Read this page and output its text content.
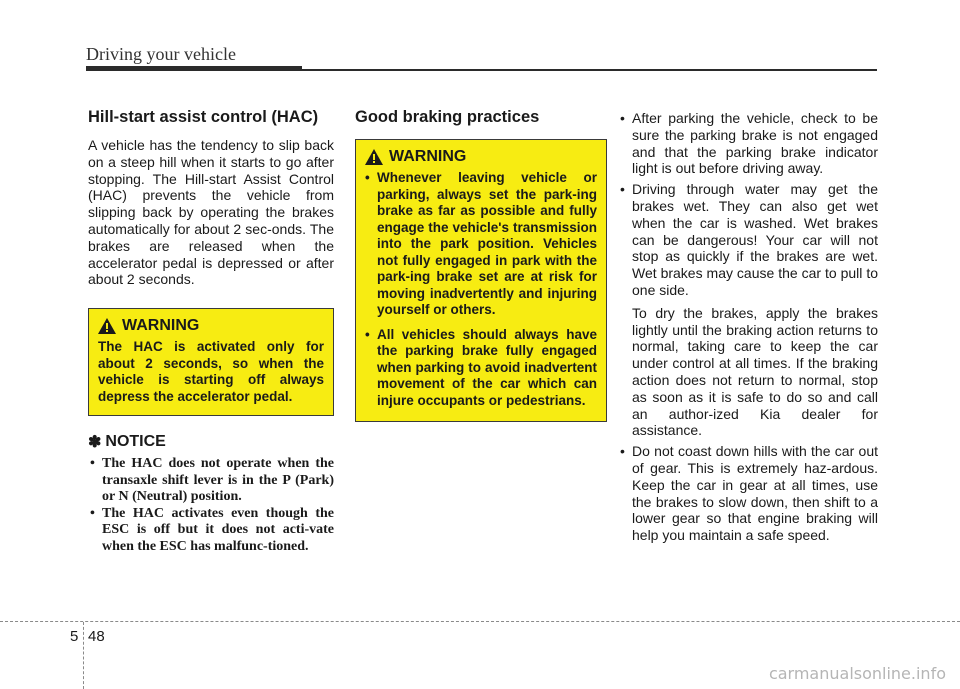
Driving your vehicle
Hill-start assist control (HAC)

A vehicle has the tendency to slip back on a steep hill when it starts to go after stopping. The Hill-start Assist Control (HAC) prevents the vehicle from slipping back by operating the brakes automatically for about 2 sec-onds. The brakes are released when the accelerator pedal is depressed or after about 2 seconds.

WARNING

The HAC is activated only for about 2 seconds, so when the vehicle is starting off always depress the accelerator pedal.

✽ NOTICE
• The HAC does not operate when the transaxle shift lever is in the P (Park) or N (Neutral) position.
• The HAC activates even though the ESC is off but it does not acti-vate when the ESC has malfunc-tioned.
Good braking practices
WARNING
• Whenever leaving vehicle or parking, always set the park-ing brake as far as possible and fully engage the vehicle's transmission into the park position. Vehicles not fully engaged in park with the park-ing brake set are at risk for moving inadvertently and injuring yourself or others.
• All vehicles should always have the parking brake fully engaged when parking to avoid inadvertent movement of the car which can injure occupants or pedestrians.
• After parking the vehicle, check to be sure the parking brake is not engaged and that the parking brake indicator light is out before driving away.
• Driving through water may get the brakes wet. They can also get wet when the car is washed. Wet brakes can be dangerous! Your car will not stop as quickly if the brakes are wet. Wet brakes may cause the car to pull to one side.

To dry the brakes, apply the brakes lightly until the braking action returns to normal, taking care to keep the car under control at all times. If the braking action does not return to normal, stop as soon as it is safe to do so and call an author-ized Kia dealer for assistance.

• Do not coast down hills with the car out of gear. This is extremely haz-ardous. Keep the car in gear at all times, use the brakes to slow down, then shift to a lower gear so that engine braking will help you maintain a safe speed.
5 48
carmanualsonline.info
